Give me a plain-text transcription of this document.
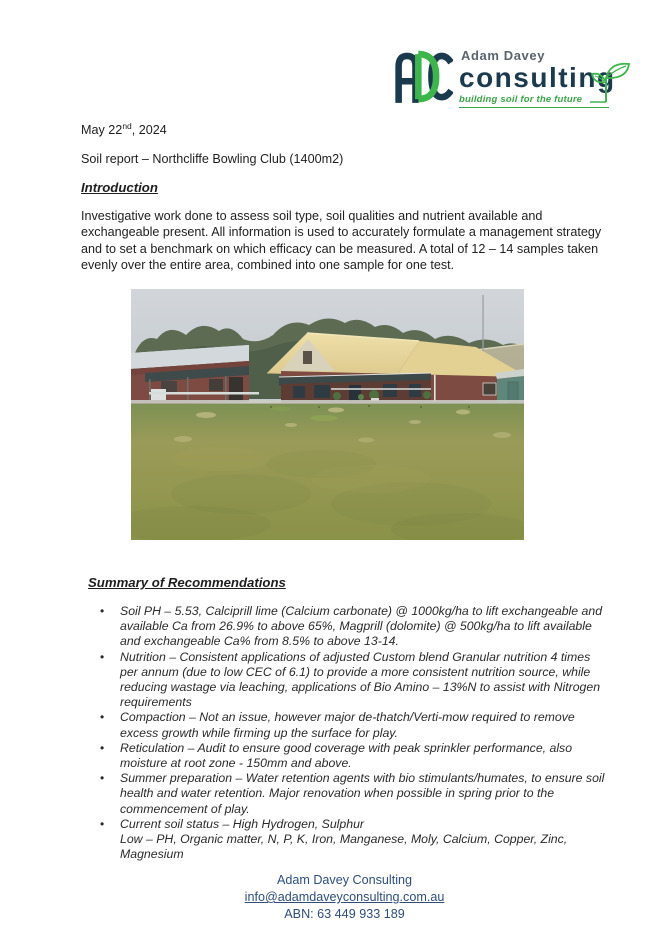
Adam Davey
consulting
building soil for the future
May 22nd, 2024
Soil report – Northcliffe Bowling Club (1400m2)
Introduction

Investigative work done to assess soil type, soil qualities and nutrient available and exchangeable present. All information is used to accurately formulate a management strategy and to set a benchmark on which efficacy can be measured. A total of 12 – 14 samples taken evenly over the entire area, combined into one sample for one test.

Summary of Recommendations
• Soil PH – 5.53, Calciprill lime (Calcium carbonate) @ 1000kg/ha to lift exchangeable and available Ca from 26.9% to above 65%, Magprill (dolomite) @ 500kg/ha to lift available and exchangeable Ca% from 8.5% to above 13-14.
• Nutrition – Consistent applications of adjusted Custom blend Granular nutrition 4 times per annum (due to low CEC of 6.1) to provide a more consistent nutrition source, while reducing wastage via leaching, applications of Bio Amino – 13%N to assist with Nitrogen requirements
• Compaction – Not an issue, however major de-thatch/Verti-mow required to remove excess growth while firming up the surface for play.
• Reticulation – Audit to ensure good coverage with peak sprinkler performance, also moisture at root zone - 150mm and above.
• Summer preparation – Water retention agents with bio stimulants/humates, to ensure soil health and water retention. Major renovation when possible in spring prior to the commencement of play.
• Current soil status – High Hydrogen, Sulphur
Low – PH, Organic matter, N, P, K, Iron, Manganese, Moly, Calcium, Copper, Zinc, Magnesium
Adam Davey Consulting
info@adamdaveyconsulting.com.au
ABN: 63 449 933 189
